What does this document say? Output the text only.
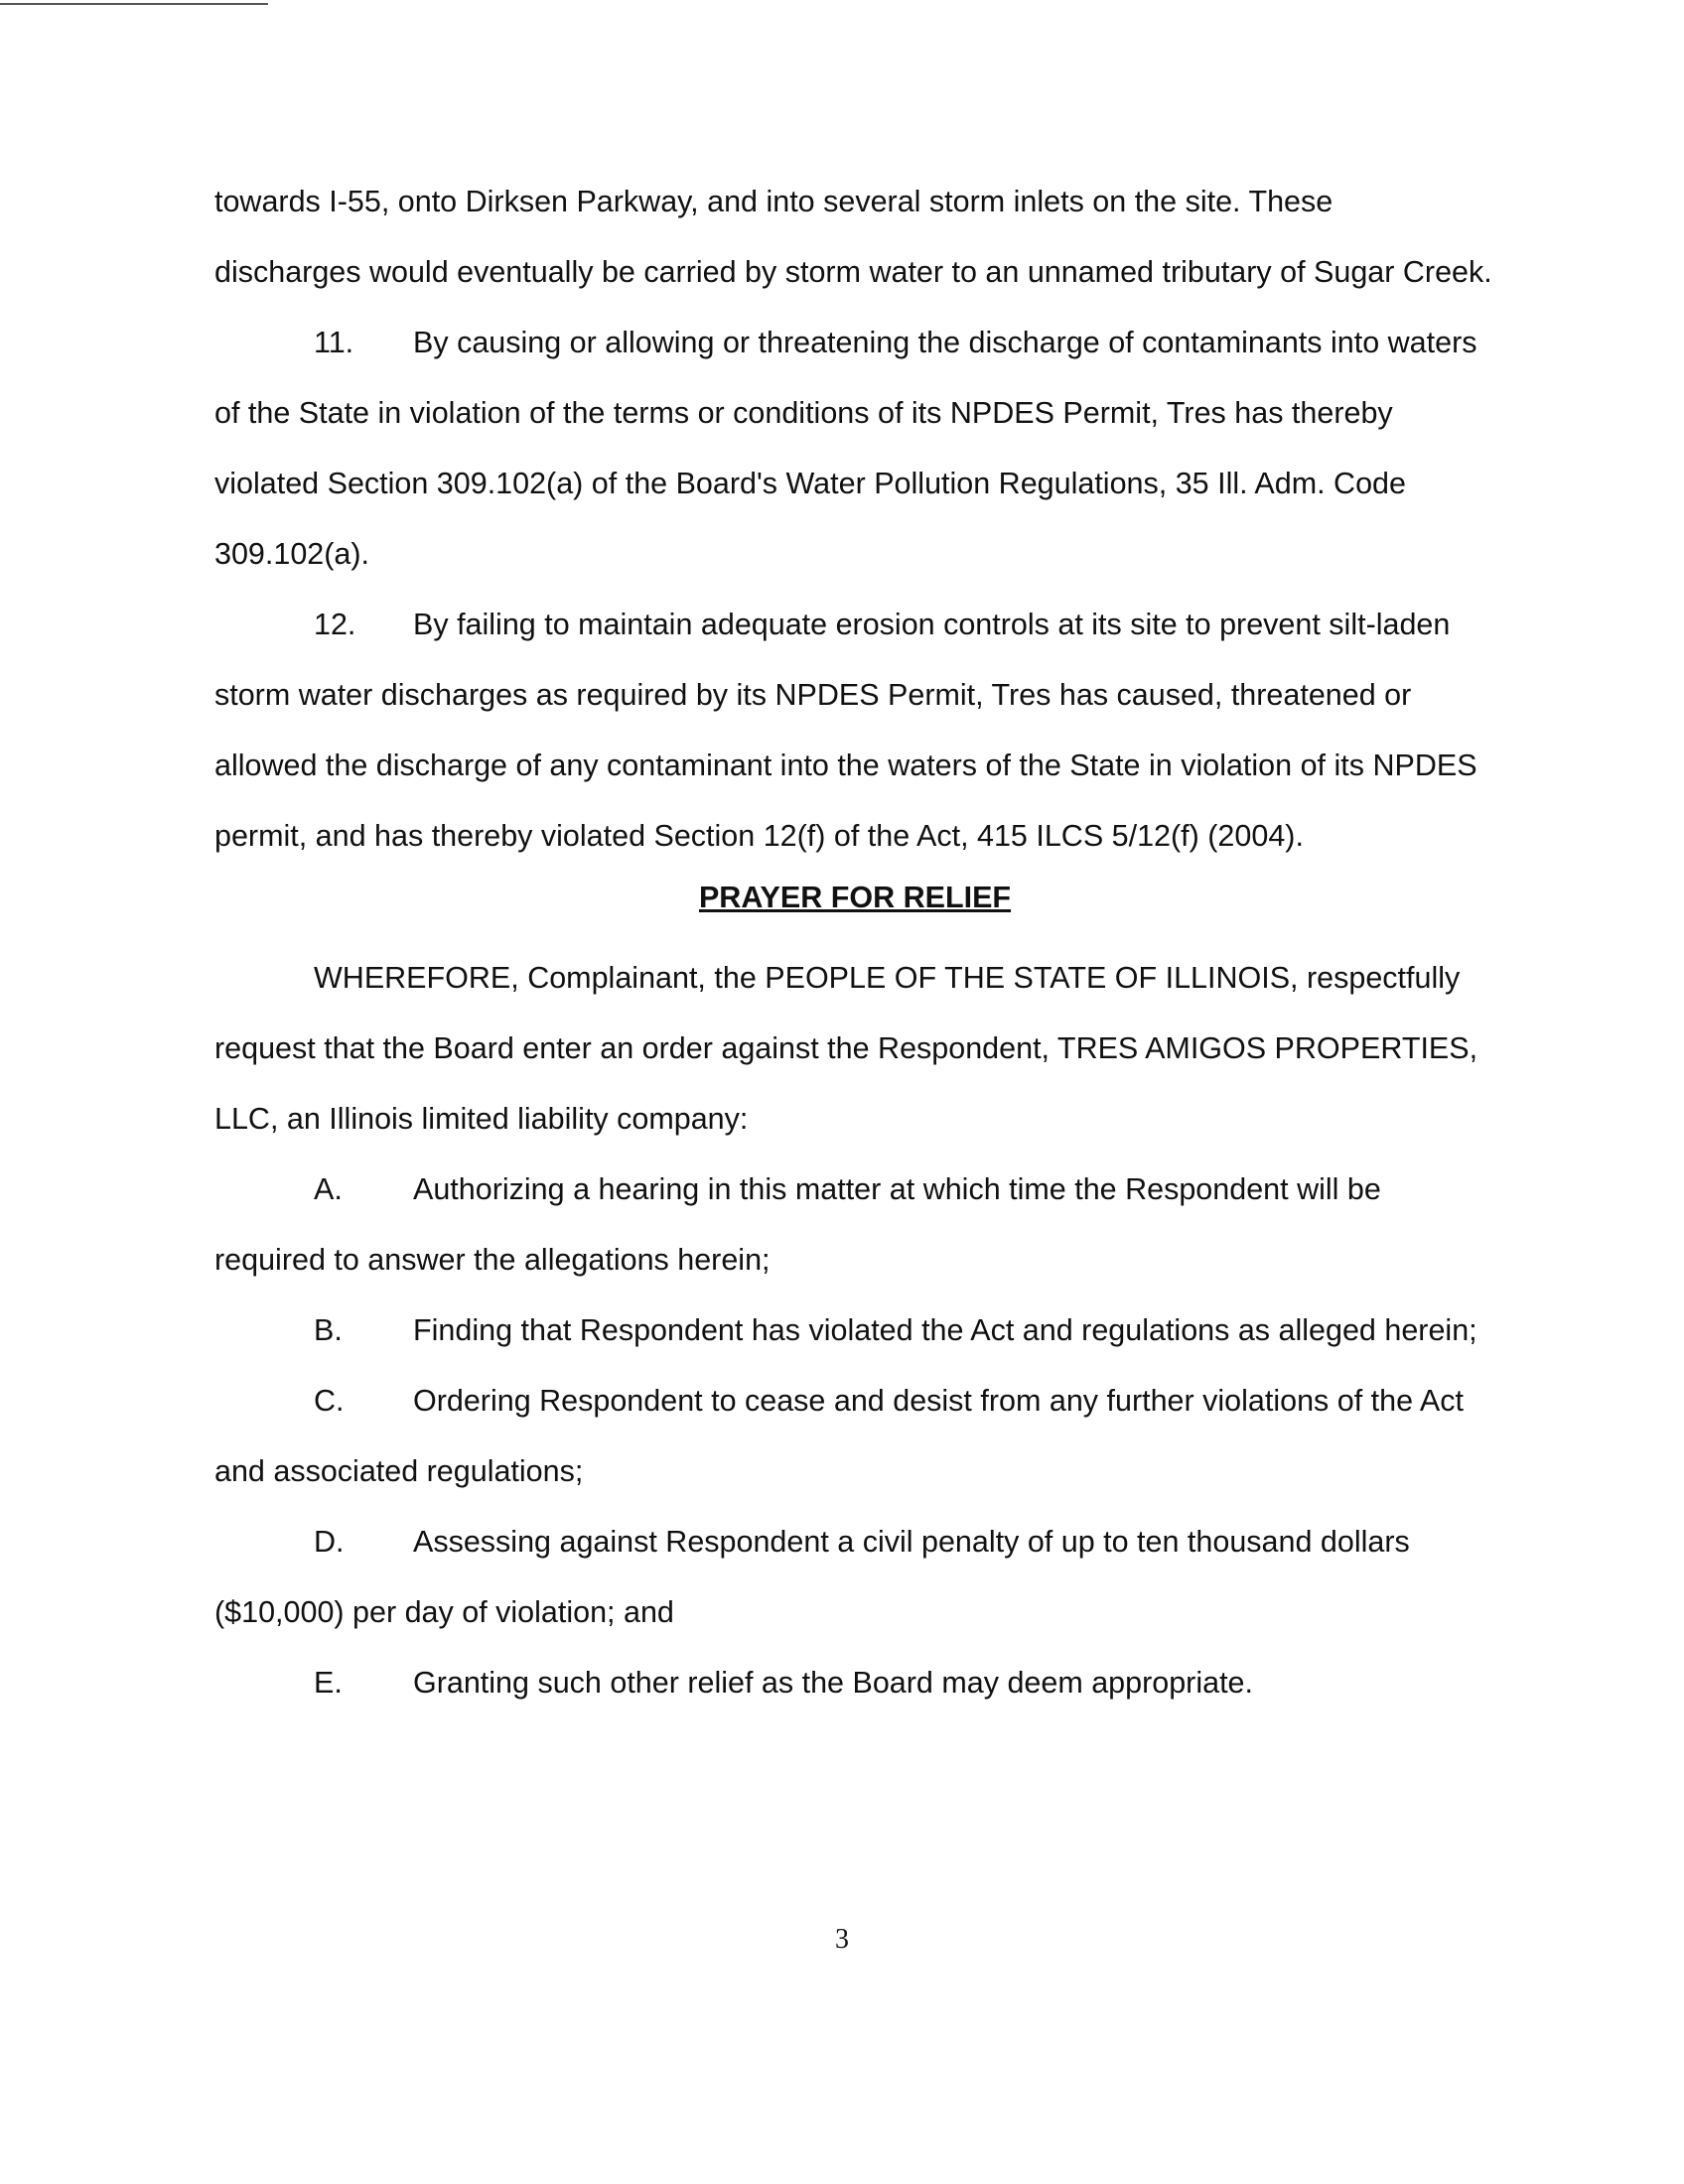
towards I-55, onto Dirksen Parkway, and into several storm inlets on the site. These

discharges would eventually be carried by storm water to an unnamed tributary of Sugar Creek.

11. By causing or allowing or threatening the discharge of contaminants into waters

of the State in violation of the terms or conditions of its NPDES Permit, Tres has thereby

violated Section 309.102(a) of the Board's Water Pollution Regulations, 35 Ill. Adm. Code

309.102(a).

12. By failing to maintain adequate erosion controls at its site to prevent silt-laden

storm water discharges as required by its NPDES Permit, Tres has caused, threatened or

allowed the discharge of any contaminant into the waters of the State in violation of its NPDES

permit, and has thereby violated Section 12(f) of the Act, 415 ILCS 5/12(f) (2004).

PRAYER FOR RELIEF

WHEREFORE, Complainant, the PEOPLE OF THE STATE OF ILLINOIS, respectfully

request that the Board enter an order against the Respondent, TRES AMIGOS PROPERTIES,

LLC, an Illinois limited liability company:

A. Authorizing a hearing in this matter at which time the Respondent will be

required to answer the allegations herein;

B. Finding that Respondent has violated the Act and regulations as alleged herein;

C. Ordering Respondent to cease and desist from any further violations of the Act

and associated regulations;

D. Assessing against Respondent a civil penalty of up to ten thousand dollars

($10,000) per day of violation; and

E. Granting such other relief as the Board may deem appropriate.

3
